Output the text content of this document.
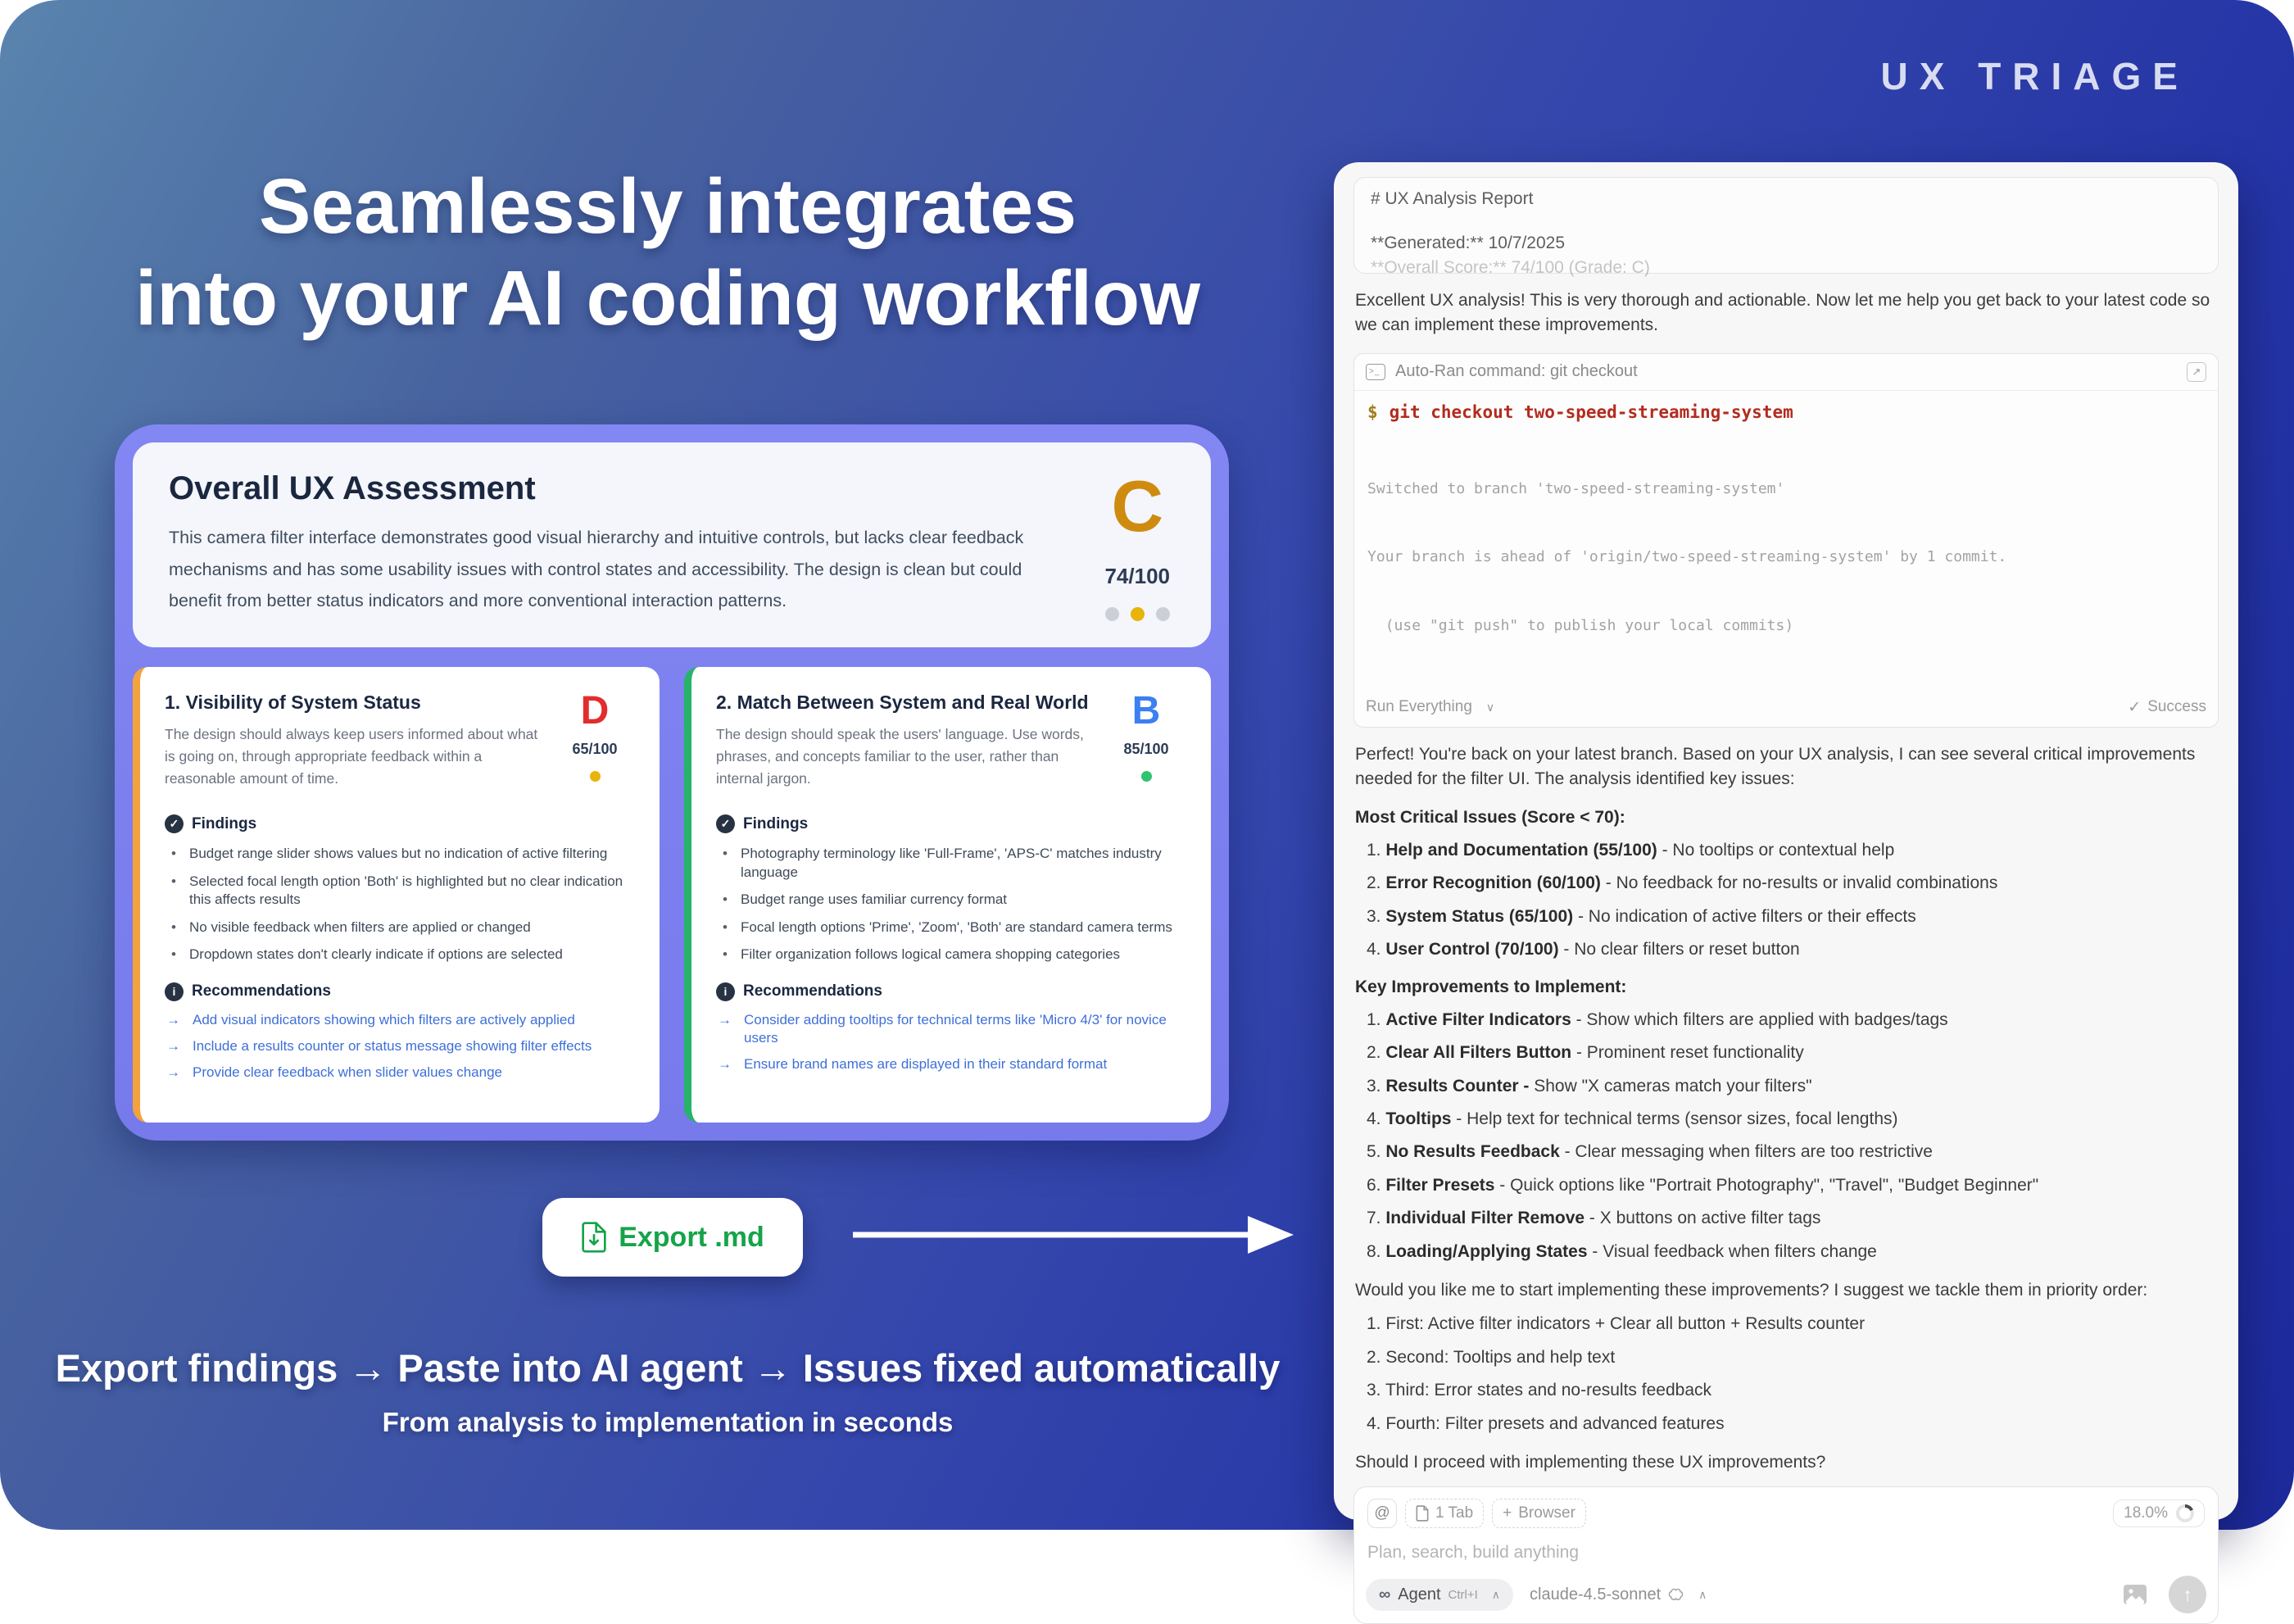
UX TRIAGE
Seamlessly integrates
into your AI coding workflow
Overall UX Assessment
This camera filter interface demonstrates good visual hierarchy and intuitive controls, but lacks clear feedback mechanisms and has some usability issues with control states and accessibility. The design is clean but could benefit from better status indicators and more conventional interaction patterns.
C
74/100
1. Visibility of System Status
The design should always keep users informed about what is going on, through appropriate feedback within a reasonable amount of time.
D
65/100
✓ Findings
• Budget range slider shows values but no indication of active filtering
• Selected focal length option 'Both' is highlighted but no clear indication this affects results
• No visible feedback when filters are applied or changed
• Dropdown states don't clearly indicate if options are selected
i	Recommendations
→ Add visual indicators showing which filters are actively applied
→ Include a results counter or status message showing filter effects
→ Provide clear feedback when slider values change
2. Match Between System and Real World
The design should speak the users' language. Use words, phrases, and concepts familiar to the user, rather than internal jargon.
B
85/100
✓ Findings
• Photography terminology like 'Full-Frame', 'APS-C' matches industry language
• Budget range uses familiar currency format
• Focal length options 'Prime', 'Zoom', 'Both' are standard camera terms
• Filter organization follows logical camera shopping categories
i	Recommendations
→ Consider adding tooltips for technical terms like 'Micro 4/3' for novice users
→ Ensure brand names are displayed in their standard format
Export .md
Export findings → Paste into AI agent → Issues fixed automatically
From analysis to implementation in seconds
# UX Analysis Report
**Generated:** 10/7/2025
**Overall Score:** 74/100 (Grade: C)

Excellent UX analysis! This is very thorough and actionable. Now let me help you get back to your latest code so we can implement these improvements.

>_ Auto-Ran command: git checkout	↗
$ git checkout two-speed-streaming-system

Switched to branch 'two-speed-streaming-system'

Your branch is ahead of 'origin/two-speed-streaming-system' by 1 commit.

(use "git push" to publish your local commits)

Run Everything ∨	✓ Success

Perfect! You're back on your latest branch. Based on your UX analysis, I can see several critical improvements needed for the filter UI. The analysis identified key issues:

Most Critical Issues (Score < 70):
1. Help and Documentation (55/100) - No tooltips or contextual help
2. Error Recognition (60/100) - No feedback for no-results or invalid combinations
3. System Status (65/100) - No indication of active filters or their effects
4. User Control (70/100) - No clear filters or reset button
Key Improvements to Implement:
1. Active Filter Indicators - Show which filters are applied with badges/tags
2. Clear All Filters Button - Prominent reset functionality
3. Results Counter - Show "X cameras match your filters"
4. Tooltips - Help text for technical terms (sensor sizes, focal lengths)
5. No Results Feedback - Clear messaging when filters are too restrictive
6. Filter Presets - Quick options like "Portrait Photography", "Travel", "Budget Beginner"
7. Individual Filter Remove - X buttons on active filter tags
8. Loading/Applying States - Visual feedback when filters change

Would you like me to start implementing these improvements? I suggest we tackle them in priority order:

1. First: Active filter indicators + Clear all button + Results counter
2. Second: Tooltips and help text
3. Third: Error states and no-results feedback
4. Fourth: Filter presets and advanced features

Should I proceed with implementing these UX improvements?

@	1 Tab + Browser	18.0%
Plan, search, build anything
∞ Agent Ctrl+I ∧ claude-4.5-sonnet	∧	↑
